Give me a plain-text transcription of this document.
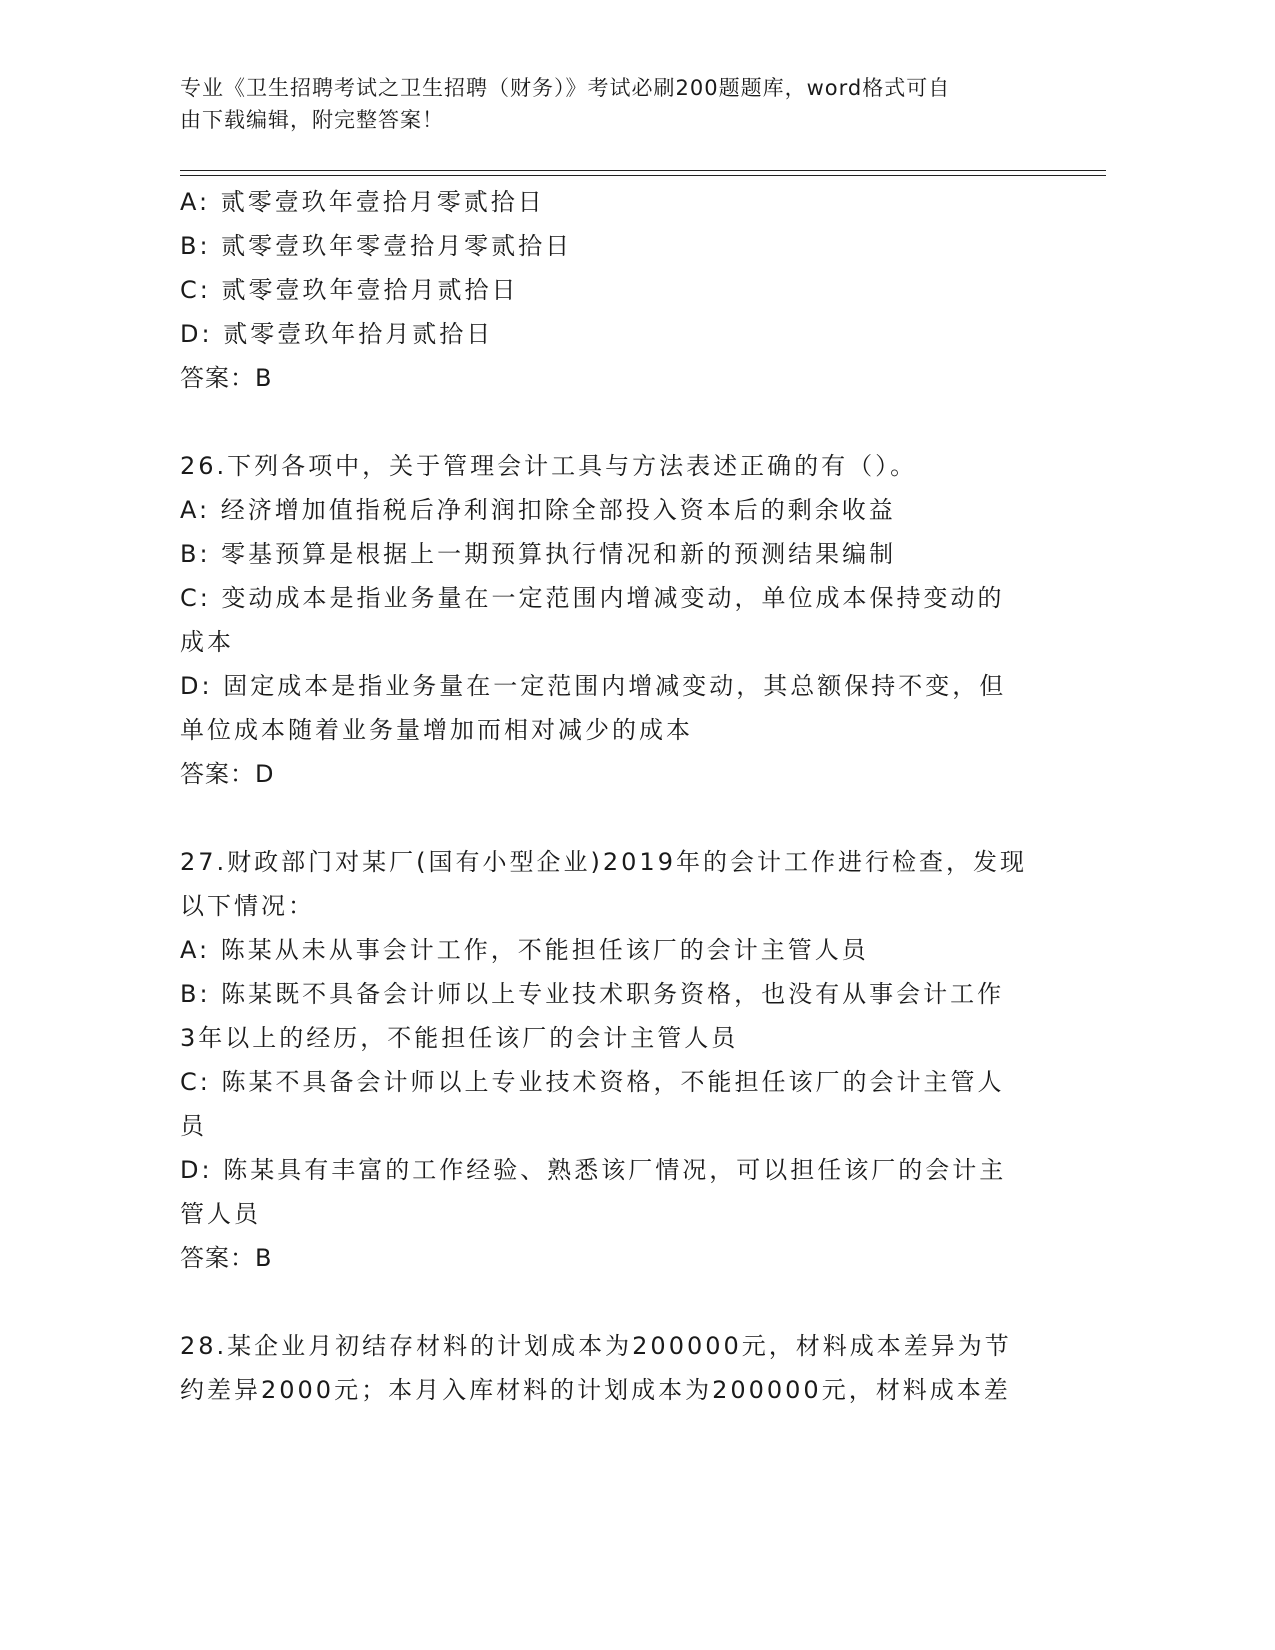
专业《卫生招聘考试之卫生招聘（财务）》考试必刷200题题库，word格式可自
由下载编辑，附完整答案！
A: 贰零壹玖年壹拾月零贰拾日
B: 贰零壹玖年零壹拾月零贰拾日
C: 贰零壹玖年壹拾月贰拾日
D: 贰零壹玖年拾月贰拾日
答案：B
26.下列各项中，关于管理会计工具与方法表述正确的有（）。
A: 经济增加值指税后净利润扣除全部投入资本后的剩余收益
B: 零基预算是根据上一期预算执行情况和新的预测结果编制
C: 变动成本是指业务量在一定范围内增减变动，单位成本保持变动的
成本
D: 固定成本是指业务量在一定范围内增减变动，其总额保持不变，但
单位成本随着业务量增加而相对减少的成本
答案：D
27.财政部门对某厂(国有小型企业)2019年的会计工作进行检查，发现
以下情况：
A: 陈某从未从事会计工作，不能担任该厂的会计主管人员
B: 陈某既不具备会计师以上专业技术职务资格，也没有从事会计工作
3年以上的经历，不能担任该厂的会计主管人员
C: 陈某不具备会计师以上专业技术资格，不能担任该厂的会计主管人
员
D: 陈某具有丰富的工作经验、熟悉该厂情况，可以担任该厂的会计主
管人员
答案：B
28.某企业月初结存材料的计划成本为200000元，材料成本差异为节
约差异2000元；本月入库材料的计划成本为200000元，材料成本差
